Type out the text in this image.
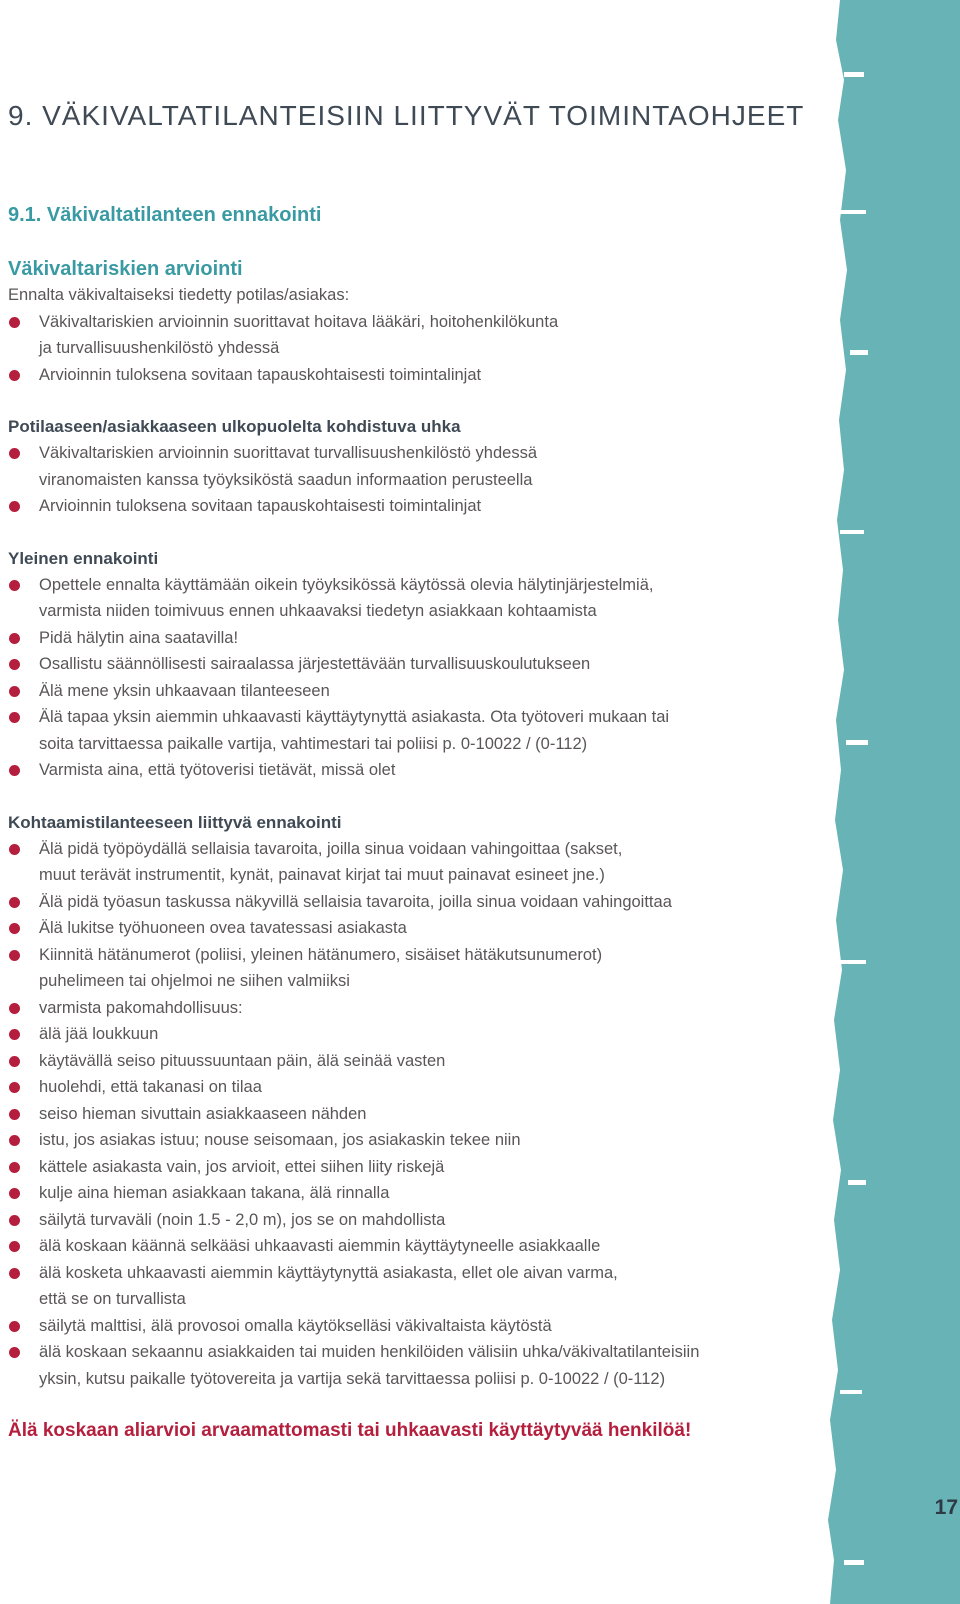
9. VÄKIVALTATILANTEISIIN LIITTYVÄT TOIMINTAOHJEET
9.1. Väkivaltatilanteen ennakointi
Väkivaltariskien arviointi
Ennalta väkivaltaiseksi tiedetty potilas/asiakas:
Väkivaltariskien arvioinnin suorittavat hoitava lääkäri, hoitohenkilökunta
ja turvallisuushenkilöstö yhdessä
Arvioinnin tuloksena sovitaan tapauskohtaisesti toimintalinjat
Potilaaseen/asiakkaaseen ulkopuolelta kohdistuva uhka
Väkivaltariskien arvioinnin suorittavat turvallisuushenkilöstö yhdessä
viranomaisten kanssa työyksiköstä saadun informaation perusteella
Arvioinnin tuloksena sovitaan tapauskohtaisesti toimintalinjat
Yleinen ennakointi
Opettele ennalta käyttämään oikein työyksikössä käytössä olevia hälytinjärjestelmiä,
varmista niiden toimivuus ennen uhkaavaksi tiedetyn asiakkaan kohtaamista
Pidä hälytin aina saatavilla!
Osallistu säännöllisesti sairaalassa järjestettävään turvallisuuskoulutukseen
Älä mene yksin uhkaavaan tilanteeseen
Älä tapaa yksin aiemmin uhkaavasti käyttäytynyttä asiakasta. Ota työtoveri mukaan tai
soita tarvittaessa paikalle vartija, vahtimestari tai poliisi p. 0-10022 / (0-112)
Varmista aina, että työtoverisi tietävät, missä olet
Kohtaamistilanteeseen liittyvä ennakointi
Älä pidä työpöydällä sellaisia tavaroita, joilla sinua voidaan vahingoittaa (sakset,
muut terävät instrumentit, kynät, painavat kirjat tai muut painavat esineet jne.)
Älä pidä työasun taskussa näkyvillä sellaisia tavaroita, joilla sinua voidaan vahingoittaa
Älä lukitse työhuoneen ovea tavatessasi asiakasta
Kiinnitä hätänumerot (poliisi, yleinen hätänumero, sisäiset hätäkutsunumerot)
puhelimeen tai ohjelmoi ne siihen valmiiksi
varmista pakomahdollisuus:
älä jää loukkuun
käytävällä seiso pituussuuntaan päin, älä seinää vasten
huolehdi, että takanasi on tilaa
seiso hieman sivuttain asiakkaaseen nähden
istu, jos asiakas istuu; nouse seisomaan, jos asiakaskin tekee niin
kättele asiakasta vain, jos arvioit, ettei siihen liity riskejä
kulje aina hieman asiakkaan takana, älä rinnalla
säilytä turvaväli (noin 1.5 - 2,0 m), jos se on mahdollista
älä koskaan käännä selkääsi uhkaavasti aiemmin käyttäytyneelle asiakkaalle
älä kosketa uhkaavasti aiemmin käyttäytynyttä asiakasta, ellet ole aivan varma,
että se on turvallista
säilytä malttisi, älä provosoi omalla käytökselläsi väkivaltaista käytöstä
älä koskaan sekaannu asiakkaiden tai muiden henkilöiden välisiin uhka/väkivaltatilanteisiin
yksin, kutsu paikalle työtovereita ja vartija sekä tarvittaessa poliisi p. 0-10022 / (0-112)
Älä koskaan aliarvioi arvaamattomasti tai uhkaavasti käyttäytyvää henkilöä!
17
